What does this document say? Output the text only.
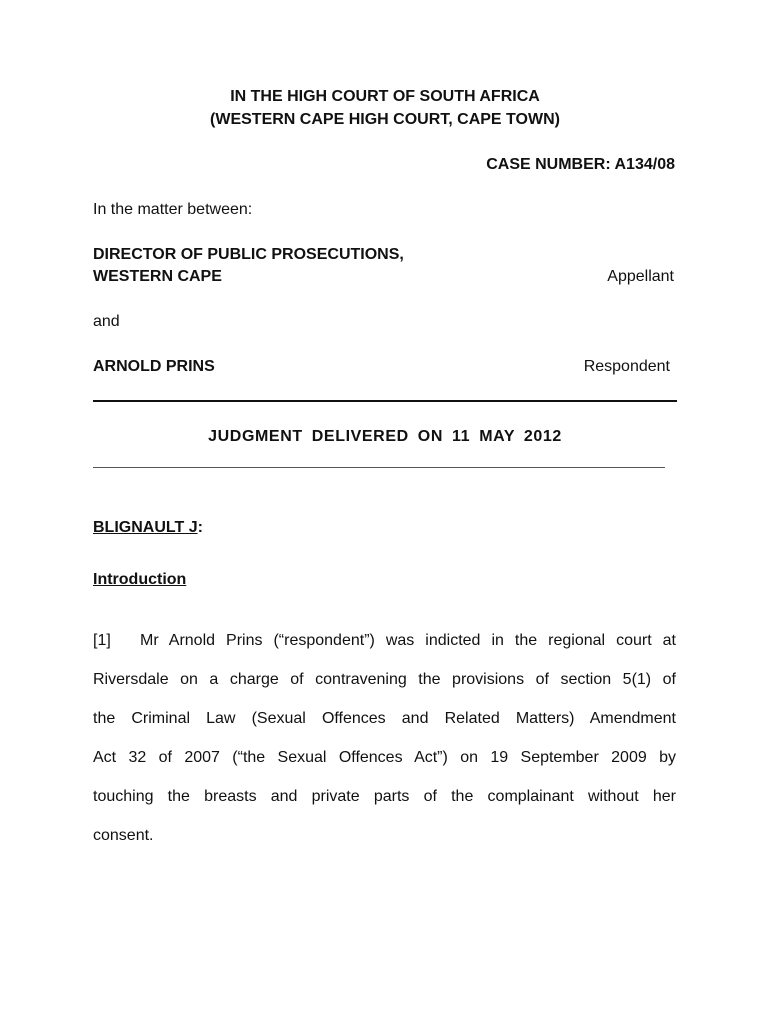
IN THE HIGH COURT OF SOUTH AFRICA
(WESTERN CAPE HIGH COURT, CAPE TOWN)
CASE NUMBER: A134/08
In the matter between:
DIRECTOR OF PUBLIC PROSECUTIONS,
WESTERN CAPE	Appellant
and
ARNOLD PRINS	Respondent
JUDGMENT DELIVERED ON 11 MAY 2012
BLIGNAULT J:
Introduction
[1] Mr Arnold Prins (“respondent”) was indicted in the regional court at
Riversdale on a charge of contravening the provisions of section 5(1) of
the Criminal Law (Sexual Offences and Related Matters) Amendment
Act 32 of 2007 (“the Sexual Offences Act”) on 19 September 2009 by
touching the breasts and private parts of the complainant without her
consent.
